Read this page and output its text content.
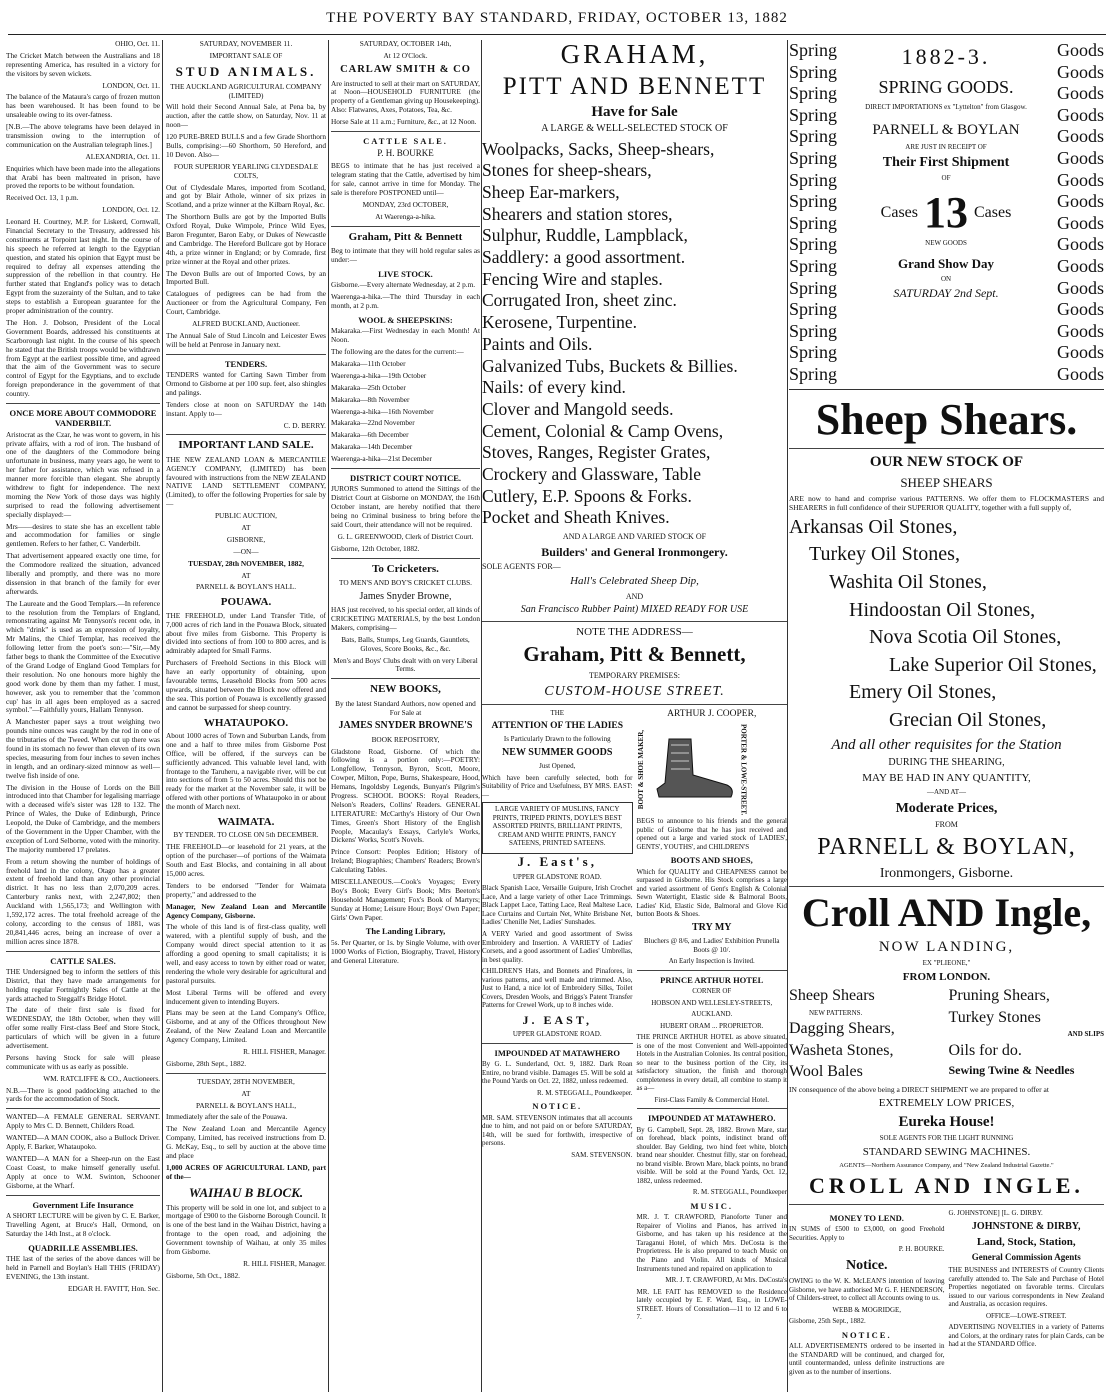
THE POVERTY BAY STANDARD, FRIDAY, OCTOBER 13, 1882

OHIO, Oct. 11.

The Cricket Match between the Australians and 18 representing America, has resulted in a victory for the visitors by seven wickets.

LONDON, Oct. 11.

The balance of the Mataura's cargo of frozen mutton has been warehoused. It has been found to be unsaleable owing to its over-fatness.

[N.B.—The above telegrams have been delayed in transmission owing to the interruption of communication on the Australian telegraph lines.]

ALEXANDRIA, Oct. 11.

Enquiries which have been made into the allegations that Arabi has been maltreated in prison, have proved the reports to be without foundation.

Received Oct. 13, 1 p.m.

LONDON, Oct. 12.

Leonard H. Courtney, M.P. for Liskerd, Cornwall, Financial Secretary to the Treasury, addressed his constituents at Torpoint last night. In the course of his speech he referred at length to the Egyptian question, and stated his opinion that Egypt must be required to defray all expenses attending the suppression of the rebellion in that country. He further stated that England's policy was to detach Egypt from the suzerainty of the Sultan, and to take steps to establish a European guarantee for the proper administration of the country.

The Hon. J. Dobson, President of the Local Government Boards, addressed his constituents at Scarborough last night. In the course of his speech he stated that the British troops would be withdrawn from Egypt at the earliest possible time, and agreed that the aim of the Government was to secure control of Egypt for the Egyptians, and to exclude foreign preponderance in the government of that country.

ONCE MORE ABOUT COMMODORE VANDERBILT.

Aristocrat as the Czar, he was wont to govern, in his private affairs, with a rod of iron. The husband of one of the daughters of the Commodore being unfortunate in business, many years ago, he went to her father for assistance, which was refused in a manner more forcible than elegant. She abruptly withdrew to fight for independence. The next morning the New York of those days was highly surprised to read the following advertisement specially displayed:—

Mrs——desires to state she has an excellent table and accommodation for families or single gentlemen. Refers to her father, C. Vanderbilt.

That advertisement appeared exactly one time, for the Commodore realized the situation, advanced liberally and promptly, and there was no more dissension in that branch of the family for ever afterwards.

The Laureate and the Good Templars.—In reference to the resolution from the Templars of England, remonstrating against Mr Tennyson's recent ode, in which "drink" is used as an expression of loyalty, Mr Malins, the Chief Templar, has received the following letter from the poet's son:—"Sir,—My father begs to thank the Committee of the Executive of the Grand Lodge of England Good Templars for their resolution. No one honours more highly the good work done by them than my father. I must, however, ask you to remember that the 'common cup' has in all ages been employed as a sacred symbol."—Faithfully yours, Hallam Tennyson.

A Manchester paper says a trout weighing two pounds nine ounces was caught by the rod in one of the tributaries of the Tweed. When cut up there was found in its stomach no fewer than eleven of its own species, measuring from four inches to seven inches in length, and an ordinary-sized minnow as well—twelve fish inside of one.

The division in the House of Lords on the Bill introduced into that Chamber for legalising marriage with a deceased wife's sister was 128 to 132. The Prince of Wales, the Duke of Edinburgh, Prince Leopold, the Duke of Cambridge, and the members of the Government in the Upper Chamber, with the exception of Lord Selborne, voted with the minority. The majority numbered 17 prelates.

From a return showing the number of holdings of freehold land in the colony, Otago has a greater extent of freehold land than any other provincial district. It has no less than 2,070,209 acres. Canterbury ranks next, with 2,247,802; then Auckland with 1,565,173; and Wellington with 1,592,172 acres. The total freehold acreage of the colony, according to the census of 1881, was 20,841,446 acres, being an increase of over a million acres since 1878.

CATTLE SALES.

THE Undersigned beg to inform the settlers of this District, that they have made arrangements for holding regular Fortnightly Sales of Cattle at the yards attached to Steggall's Bridge Hotel.

The date of their first sale is fixed for WEDNESDAY, the 18th October, when they will offer some really First-class Beef and Store Stock, particulars of which will be given in a future advertisement.

Persons having Stock for sale will please communicate with us as early as possible.

WM. RATCLIFFE & CO., Auctioneers.

N.B.—There is good paddocking attached to the yards for the accommodation of Stock.

WANTED—A FEMALE GENERAL SERVANT. Apply to Mrs C. D. Bennett, Childers Road.

WANTED—A MAN COOK, also a Bullock Driver. Apply, F. Barker, Whataupoko.

WANTED—A MAN for a Sheep-run on the East Coast Coast, to make himself generally useful. Apply at once to W.M. Swinton, Schooner Gisborne, at the Wharf.

Government Life Insurance

A SHORT LECTURE will be given by C. E. Barker, Travelling Agent, at Bruce's Hall, Ormond, on Saturday the 14th Inst., at 8 o'clock.

QUADRILLE ASSEMBLIES.

THE last of the series of the above dances will be held in Parnell and Boylan's Hall THIS (FRIDAY) EVENING, the 13th instant.

EDGAR H. FAVITT, Hon. Sec.

SATURDAY, NOVEMBER 11.

IMPORTANT SALE OF

STUD ANIMALS.

THE AUCKLAND AGRICULTURAL COMPANY (LIMITED)

Will hold their Second Annual Sale, at Pena ba, by auction, after the cattle show, on Saturday, Nov. 11 at noon—

120 PURE-BRED BULLS and a few Grade Shorthorn Bulls, comprising:—60 Shorthorn, 50 Hereford, and 10 Devon. Also—

FOUR SUPERIOR YEARLING CLYDESDALE COLTS,

Out of Clydesdale Mares, imported from Scotland, and got by Blair Athole, winner of six prizes in Scotland, and a prize winner at the Kilbarn Royal, &c.

The Shorthorn Bulls are got by the Imported Bulls Oxford Royal, Duke Wimpole, Prince Wild Eyes, Baron Fregunter, Baron Eaby, or Dukes of Newcastle and Cambridge. The Hereford Bullcare got by Horace 4th, a prize winner in England; or by Comrade, first prize winner at the Royal and other prizes.

The Devon Bulls are out of Imported Cows, by an Imported Bull.

Catalogues of pedigrees can be had from the Auctioneer or from the Agricultural Company, Fen Court, Cambridge.

ALFRED BUCKLAND, Auctioneer.

The Annual Sale of Stud Lincoln and Leicester Ewes will be held at Penrose in January next.

TENDERS.

TENDERS wanted for Carting Sawn Timber from Ormond to Gisborne at per 100 sup. feet, also shingles and palings.

Tenders close at noon on SATURDAY the 14th instant. Apply to—

C. D. BERRY.

IMPORTANT LAND SALE.

THE NEW ZEALAND LOAN & MERCANTILE AGENCY COMPANY, (LIMITED) has been favoured with instructions from the NEW ZEALAND NATIVE LAND SETTLEMENT COMPANY, (Limited), to offer the following Properties for sale by—

PUBLIC AUCTION,

AT

GISBORNE,

—ON—

TUESDAY, 28th NOVEMBER, 1882,

AT

PARNELL & BOYLAN'S HALL.

POUAWA.

THE FREEHOLD, under Land Transfer Title, of 7,000 acres of rich land in the Pouawa Block, situated about five miles from Gisborne. This Property is divided into sections of from 100 to 800 acres, and is admirably adapted for Small Farms.

Purchasers of Freehold Sections in this Block will have an early opportunity of obtaining, upon favourable terms, Leasehold Blocks from 500 acres upwards, situated between the Block now offered and the sea. This portion of Pouawa is excellently grassed and cannot be surpassed for sheep country.

WHATAUPOKO.

About 1000 acres of Town and Suburban Lands, from one and a half to three miles from Gisborne Post Office, will be offered, if the surveys can be sufficiently advanced. This valuable level land, with frontage to the Taruheru, a navigable river, will be cut into sections of from 5 to 50 acres. Should this not be ready for the market at the November sale, it will be offered with other portions of Whataupoko in or about the month of March next.

WAIMATA.

BY TENDER. TO CLOSE ON 5th DECEMBER.

THE FREEHOLD—or leasehold for 21 years, at the option of the purchaser—of portions of the Waimata South and East Blocks, and containing in all about 15,000 acres.

Tenders to be endorsed "Tender for Waimata property," and addressed to the

Manager, New Zealand Loan and Mercantile Agency Company, Gisborne.

The whole of this land is of first-class quality, well watered, with a plentiful supply of bush, and the Company would direct special attention to it as affording a good opening to small capitalists; it is well, and easy access to town by either road or water, rendering the whole very desirable for agricultural and pastoral pursuits.

Most Liberal Terms will be offered and every inducement given to intending Buyers.

Plans may be seen at the Land Company's Office, Gisborne, and at any of the Offices throughout New Zealand, of the New Zealand Loan and Mercantile Agency Company, Limited.

R. HILL FISHER, Manager.

Gisborne, 28th Sept., 1882.

TUESDAY, 28TH NOVEMBER,

AT

PARNELL & BOYLAN'S HALL,

Immediately after the sale of the Pouawa.

The New Zealand Loan and Mercantile Agency Company, Limited, has received instructions from D. G. McKay, Esq., to sell by auction at the above time and place

1,000 ACRES OF AGRICULTURAL LAND, part of the—

WAIHAU B BLOCK.

This property will be sold in one lot, and subject to a mortgage of £900 to the Gisborne Borough Council. It is one of the best land in the Waihau District, having a frontage to the open road, and adjoining the Government township of Waihau, at only 35 miles from Gisborne.

R. HILL FISHER, Manager.

Gisborne, 5th Oct., 1882.

SATURDAY, OCTOBER 14th,

At 12 O'Clock.

CARLAW SMITH & CO

Are instructed to sell at their mart on SATURDAY, at Noon—HOUSEHOLD FURNITURE (the property of a Gentleman giving up Housekeeping). Also: Flatwares, Axes, Potatoes, Tea, &c.

Horse Sale at 11 a.m.; Furniture, &c., at 12 Noon.

CATTLE SALE.

P. H. BOURKE

BEGS to intimate that he has just received a telegram stating that the Cattle, advertised by him for sale, cannot arrive in time for Monday. The sale is therefore POSTPONED until—

MONDAY, 23rd OCTOBER,

At Waerenga-a-hika.

Graham, Pitt & Bennett

Beg to intimate that they will hold regular sales as under:—

LIVE STOCK.

Gisborne.—Every alternate Wednesday, at 2 p.m.

Waerenga-a-hika.—The third Thursday in each month, at 2 p.m.

WOOL & SHEEPSKINS:

Makaraka.—First Wednesday in each Month! At Noon.

The following are the dates for the current:—

Makaraka—11th October

Waerenga-a-hika—19th October

Makaraka—25th October

Makaraka—8th November

Waerenga-a-hika—16th November

Makaraka—22nd November

Makaraka—6th December

Makaraka—14th December

Waerenga-a-hika—21st December

DISTRICT COURT NOTICE.

JURORS Summoned to attend the Sittings of the District Court at Gisborne on MONDAY, the 16th October instant, are hereby notified that there being no Criminal business to bring before the said Court, their attendance will not be required.

G. L. GREENWOOD, Clerk of District Court.

Gisborne, 12th October, 1882.

To Cricketers.

TO MEN'S AND BOY'S CRICKET CLUBS.

James Snyder Browne,

HAS just received, to his special order, all kinds of CRICKETING MATERIALS, by the best London Makers, comprising—

Bats, Balls, Stumps, Leg Guards, Gauntlets, Gloves, Score Books, &c., &c.

Men's and Boys' Clubs dealt with on very Liberal Terms.

NEW BOOKS,

By the latest Standard Authors, now opened and For Sale at

JAMES SNYDER BROWNE'S

BOOK REPOSITORY,

Gladstone Road, Gisborne. Of which the following is a portion only:—POETRY: Longfellow, Tennyson, Byron, Scott, Moore, Cowper, Milton, Pope, Burns, Shakespeare, Hood, Hemans, Ingoldsby Legends, Bunyan's Pilgrim's Progress. SCHOOL BOOKS: Royal Readers, Nelson's Readers, Collins' Readers. GENERAL LITERATURE: McCarthy's History of Our Own Times, Green's Short History of the English People, Macaulay's Essays, Carlyle's Works, Dickens' Works, Scott's Novels.

Prince Consort: Peoples Edition; History of Ireland; Biographies; Chambers' Readers; Brown's Calculating Tables.

MISCELLANEOUS.—Cook's Voyages; Every Boy's Book; Every Girl's Book; Mrs Beeton's Household Management; Fox's Book of Martyrs; Sunday at Home; Leisure Hour; Boys' Own Paper; Girls' Own Paper.

The Landing Library,

5s. Per Quarter, or 1s. by Single Volume, with over 1000 Works of Fiction, Biography, Travel, History and General Literature.

GRAHAM,

PITT AND BENNETT

Have for Sale

A LARGE & WELL-SELECTED STOCK OF

Woolpacks, Sacks, Sheep-shears,
Stones for sheep-shears,
Sheep Ear-markers,
Shearers and station stores,
Sulphur, Ruddle, Lampblack,
Saddlery: a good assortment.
Fencing Wire and staples.
Corrugated Iron, sheet zinc.
Kerosene, Turpentine.
Paints and Oils.
Galvanized Tubs, Buckets & Billies.
Nails: of every kind.
Clover and Mangold seeds.
Cement, Colonial & Camp Ovens,
Stoves, Ranges, Register Grates,
Crockery and Glassware, Table
Cutlery, E.P. Spoons & Forks.
Pocket and Sheath Knives.

AND A LARGE AND VARIED STOCK OF

Builders' and General Ironmongery.

SOLE AGENTS FOR—

Hall's Celebrated Sheep Dip,

AND

San Francisco Rubber Paint) MIXED READY FOR USE

NOTE THE ADDRESS—

Graham, Pitt & Bennett,

TEMPORARY PREMISES:

CUSTOM-HOUSE STREET.

THE

ATTENTION OF THE LADIES

Is Particularly Drawn to the following

NEW SUMMER GOODS

Just Opened,

Which have been carefully selected, both for Suitability of Price and Usefulness, BY MRS. EAST:—

LARGE VARIETY OF MUSLINS, FANCY PRINTS, TRIPED PRINTS, DOYLE'S BEST ASSORTED PRINTS, BRILLIANT PRINTS, CREAM AND WHITE PRINTS, FANCY SATEENS, PRINTED SATEENS.

J. East's,

UPPER GLADSTONE ROAD.

Black Spanish Lace, Versaille Guipure, Irish Crochet Lace, And a large variety of other Lace Trimmings. Black Lappet Lace, Tatting Lace, Real Maltese Lace, Lace Curtains and Curtain Net, White Brisbane Net, Ladies' Chenille Net, Ladies' Sunshades.

A VERY Varied and good assortment of Swiss Embroidery and Insertion. A VARIETY of Ladies' Corsets, and a good assortment of Ladies' Umbrellas, in best quality.

CHILDREN'S Hats, and Bonnets and Pinafores, in various patterns, and well made and trimmed. Also, Just to Hand, a nice lot of Embroidery Silks, Toilet Covers, Dresden Wools, and Briggs's Patent Transfer Patterns for Crewel Work, up to 8 inches wide.

J. EAST,

UPPER GLADSTONE ROAD.

IMPOUNDED AT MATAWHERO

By G. L. Sunderland, Oct. 9, 1882. Dark Roan Entire, no brand visible. Damages £5. Will be sold at the Pound Yards on Oct. 22, 1882, unless redeemed.

R. M. STEGGALL, Poundkeeper.

NOTICE.

MR. SAM. STEVENSON intimates that all accounts due to him, and not paid on or before SATURDAY, 14th, will be sued for forthwith, irrespective of persons.

SAM. STEVENSON.

ARTHUR J. COOPER,

BOOT & SHOE MAKER,	PORTER & LOWE-STREET.

BEGS to announce to his friends and the general public of Gisborne that he has just received and opened out a large and varied stock of LADIES', GENTS', YOUTHS', and CHILDREN'S

BOOTS AND SHOES,

Which for QUALITY and CHEAPNESS cannot be surpassed in Gisborne. His Stock comprises a large and varied assortment of Gent's English & Colonial Sewn Watertight, Elastic side & Balmoral Boots, Ladies' Kid, Elastic Side, Balmoral and Glove Kid button Boots & Shoes.

TRY MY

Bluchers @ 8/6, and Ladies' Exhibition Prunella Boots @ 10/.

An Early Inspection is Invited.

PRINCE ARTHUR HOTEL

CORNER OF

HOBSON AND WELLESLEY-STREETS,

AUCKLAND.

HUBERT ORAM ... PROPRIETOR.

THE PRINCE ARTHUR HOTEL as above situated, is one of the most Convenient and Well-appointed Hotels in the Australian Colonies. Its central position, so near to the business portion of the City, its satisfactory situation, the finish and thorough completeness in every detail, all combine to stamp it as a—

First-Class Family & Commercial Hotel.

IMPOUNDED AT MATAWHERO.

By G. Campbell, Sept. 28, 1882. Brown Mare, star on forehead, black points, indistinct brand off shoulder. Bay Gelding, two hind feet white, blotch brand near shoulder. Chestnut filly, star on forehead, no brand visible. Brown Mare, black points, no brand visible. Will be sold at the Pound Yards, Oct. 12, 1882, unless redeemed.

R. M. STEGGALL, Poundkeeper

MUSIC.

MR. J. T. CRAWFORD, Pianoforte Tuner and Repairer of Violins and Pianos, has arrived in Gisborne, and has taken up his residence at the Taraganui Hotel, of which Mrs. DeCosta is the Proprietress. He is also prepared to teach Music on the Piano and Violin. All kinds of Musical Instruments tuned and repaired on application to

MR. J. T. CRAWFORD, At Mrs. DeCosta's

MR. LE FAIT has REMOVED to the Residence lately occupied by E. F. Ward, Esq., in LOWE-STREET. Hours of Consultation—11 to 12 and 6 to 7.

Spring	Goods
Spring	Goods
Spring	Goods
Spring	Goods
Spring	Goods
Spring	Goods
Spring	Goods
Spring	Goods
Spring	Goods
Spring	Goods
Spring	Goods
Spring	Goods
Spring	Goods
Spring	Goods
Spring	Goods
Spring	Goods

1882-3.

SPRING GOODS.

DIRECT IMPORTATIONS ex "Lyttelton" from Glasgow.

PARNELL & BOYLAN

ARE JUST IN RECEIPT OF

Their First Shipment

OF

Cases 13 Cases

NEW GOODS

Grand Show Day

ON

SATURDAY 2nd Sept.

Sheep Shears.

OUR NEW STOCK OF

SHEEP SHEARS

ARE now to hand and comprise various PATTERNS. We offer them to FLOCKMASTERS and SHEARERS in full confidence of their SUPERIOR QUALITY, together with a full supply of,

Arkansas Oil Stones,

Turkey Oil Stones,

Washita Oil Stones,

Hindoostan Oil Stones,

Nova Scotia Oil Stones,

Lake Superior Oil Stones,

Emery Oil Stones,

Grecian Oil Stones,

And all other requisites for the Station

DURING THE SHEARING,

MAY BE HAD IN ANY QUANTITY,

—AND AT—

Moderate Prices,

FROM

PARNELL & BOYLAN,

Ironmongers, Gisborne.

Croll AND Ingle,

NOW LANDING,

EX "PLIEONE,"

FROM LONDON.

Sheep Shears

NEW PATTERNS.

Dagging Shears,

Washeta Stones,

Wool Bales

Pruning Shears,

Turkey Stones

AND SLIPS

Oils for do.

Sewing Twine & Needles

IN consequence of the above being a DIRECT SHIPMENT we are prepared to offer at

EXTREMELY LOW PRICES,

Eureka House!

SOLE AGENTS FOR THE LIGHT RUNNING

STANDARD SEWING MACHINES.

AGENTS—Northern Assurance Company, and "New Zealand Industrial Gazette."

CROLL AND INGLE.

MONEY TO LEND.

IN SUMS of £500 to £3,000, on good Freehold Securities. Apply to

P. H. BOURKE.

Notice.

OWING to the W. K. McLEAN'S intention of leaving Gisborne, we have authorised Mr G. F. HENDERSON, of Childers-street, to collect all Accounts owing to us.

WEBB & MOGRIDGE,

Gisborne, 25th Sept., 1882.

NOTICE.

ALL ADVERTISEMENTS ordered to be inserted in the STANDARD will be continued, and charged for, until countermanded, unless definite instructions are given as to the number of insertions.

G. JOHNSTONE] [L. G. DIRBY.

JOHNSTONE & DIRBY,

Land, Stock, Station,

General Commission Agents

THE BUSINESS and INTERESTS of Country Clients carefully attended to. The Sale and Purchase of Hotel Properties negotiated on favorable terms. Circulars issued to our various correspondents in New Zealand and Australia, as occasion requires.

OFFICE—LOWE-STREET.

ADVERTISING NOVELTIES in a variety of Patterns and Colors, at the ordinary rates for plain Cards, can be had at the STANDARD Office.
